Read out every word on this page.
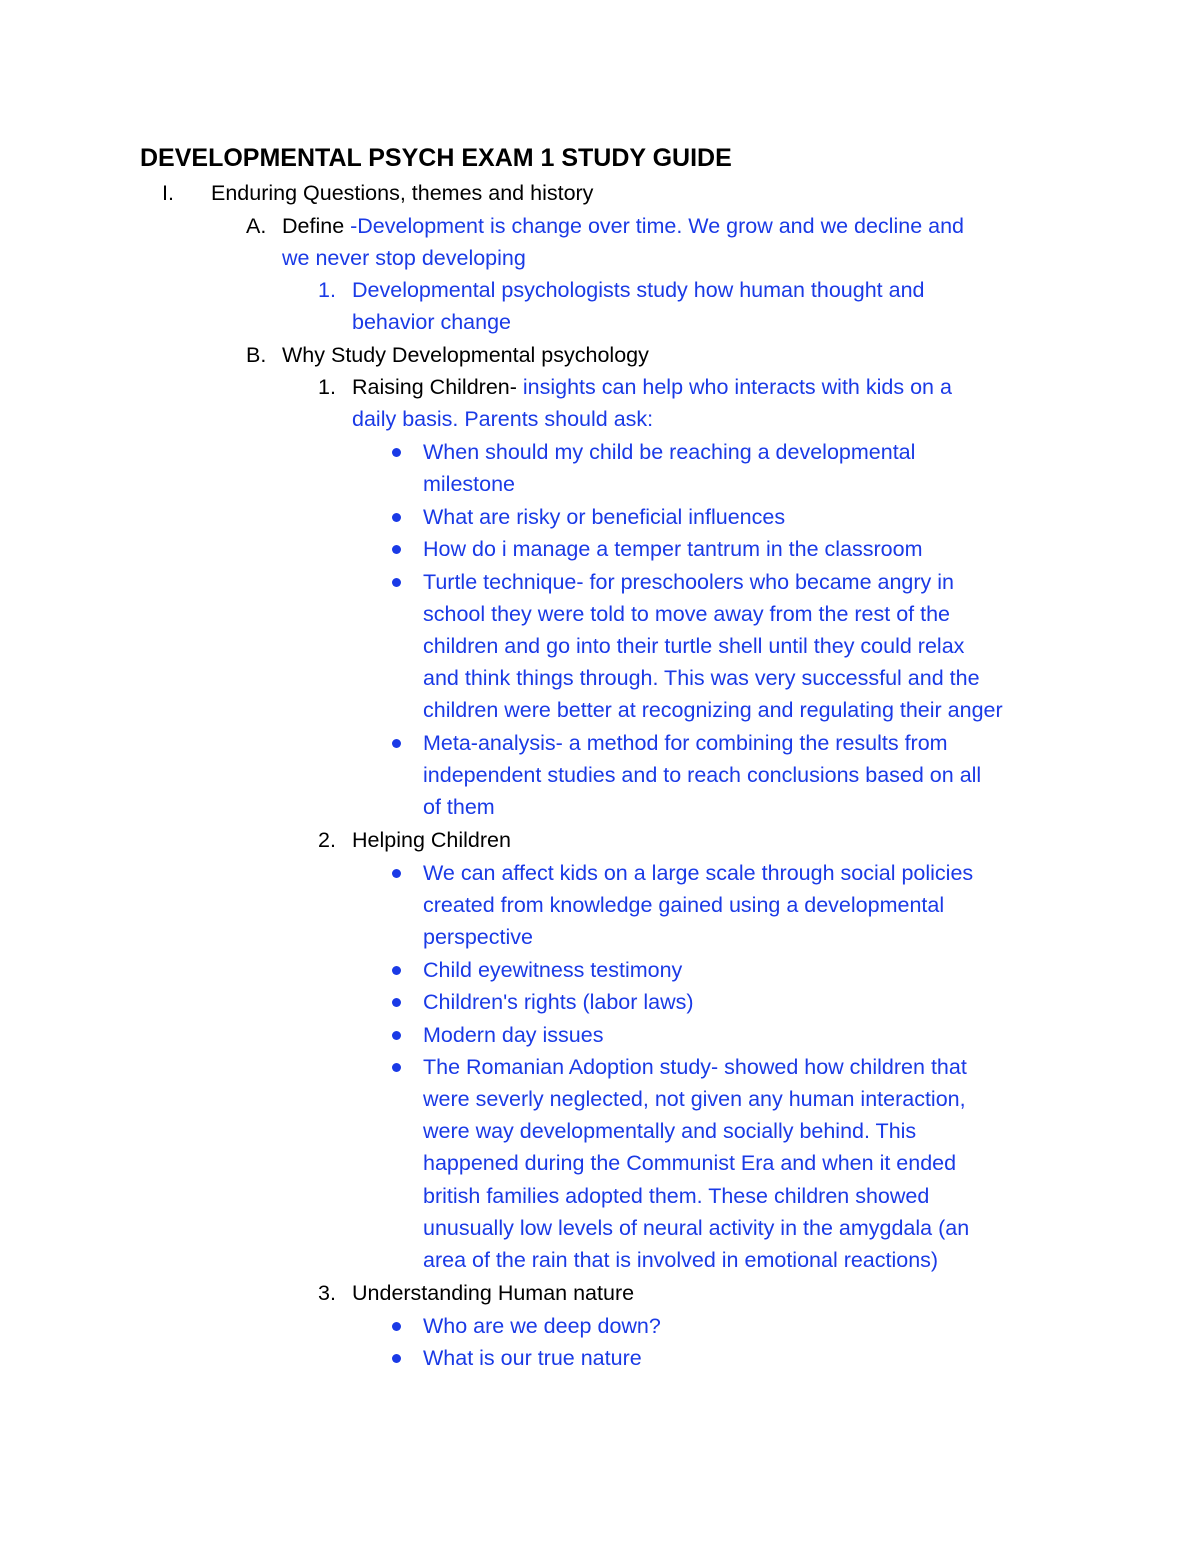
DEVELOPMENTAL PSYCH EXAM 1 STUDY GUIDE
I. Enduring Questions, themes and history
A. Define -Development is change over time. We grow and we decline and
we never stop developing
1. Developmental psychologists study how human thought and
behavior change
B. Why Study Developmental psychology
1. Raising Children- insights can help who interacts with kids on a
daily basis. Parents should ask:
When should my child be reaching a developmental
milestone
What are risky or beneficial influences
How do i manage a temper tantrum in the classroom
Turtle technique- for preschoolers who became angry in
school they were told to move away from the rest of the
children and go into their turtle shell until they could relax
and think things through. This was very successful and the
children were better at recognizing and regulating their anger
Meta-analysis- a method for combining the results from
independent studies and to reach conclusions based on all
of them
2. Helping Children
We can affect kids on a large scale through social policies
created from knowledge gained using a developmental
perspective
Child eyewitness testimony
Children's rights (labor laws)
Modern day issues
The Romanian Adoption study- showed how children that
were severly neglected, not given any human interaction,
were way developmentally and socially behind. This
happened during the Communist Era and when it ended
british families adopted them. These children showed
unusually low levels of neural activity in the amygdala (an
area of the rain that is involved in emotional reactions)
3. Understanding Human nature
Who are we deep down?
What is our true nature
